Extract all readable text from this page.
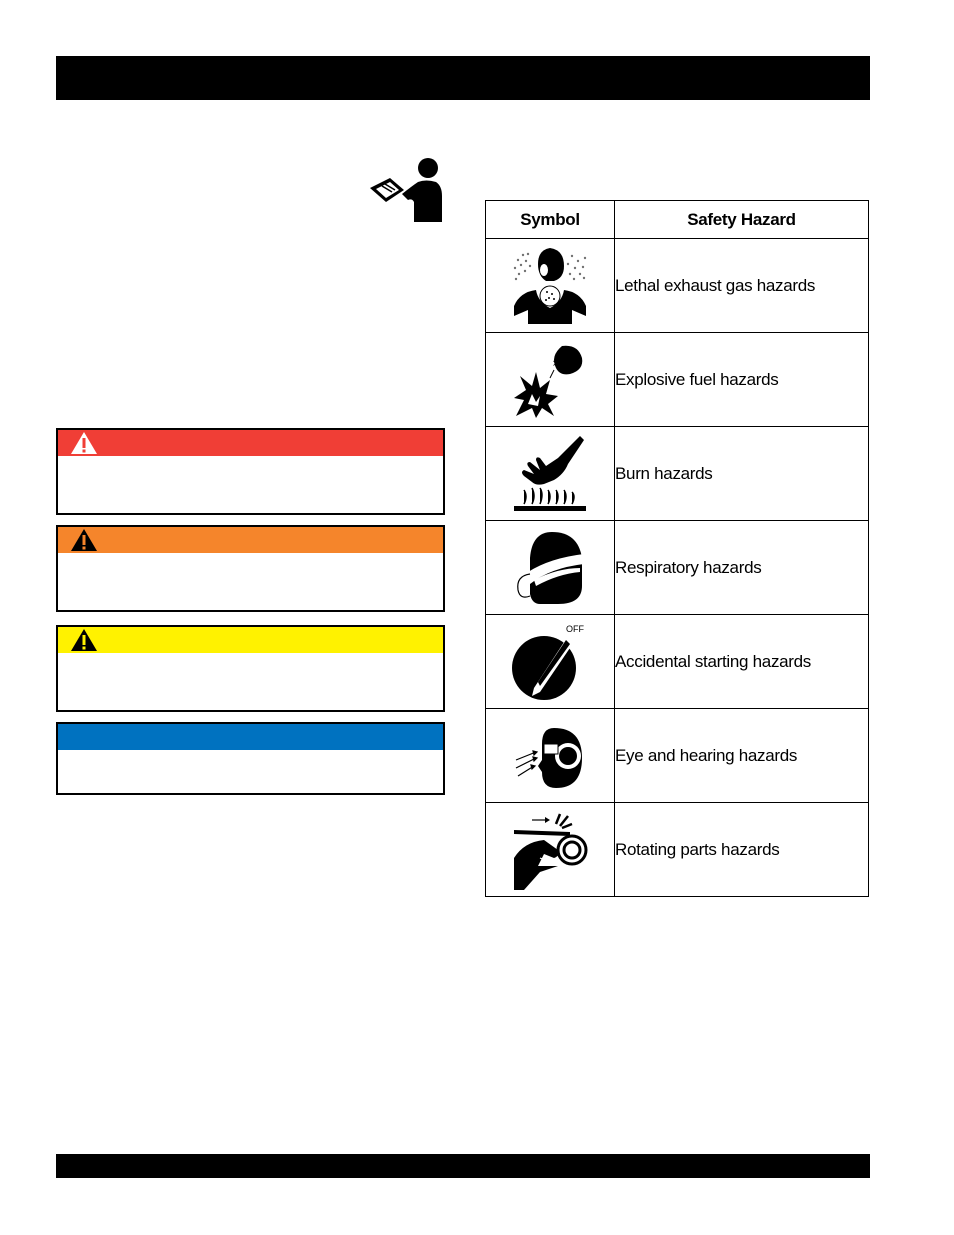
Symbol	Safety Hazard
	Lethal exhaust gas hazards

×	Explosive fuel hazards
	Burn hazards
	Respiratory hazards

OFF	Accidental starting hazards
	Eye and hearing hazards
	Rotating parts hazards
